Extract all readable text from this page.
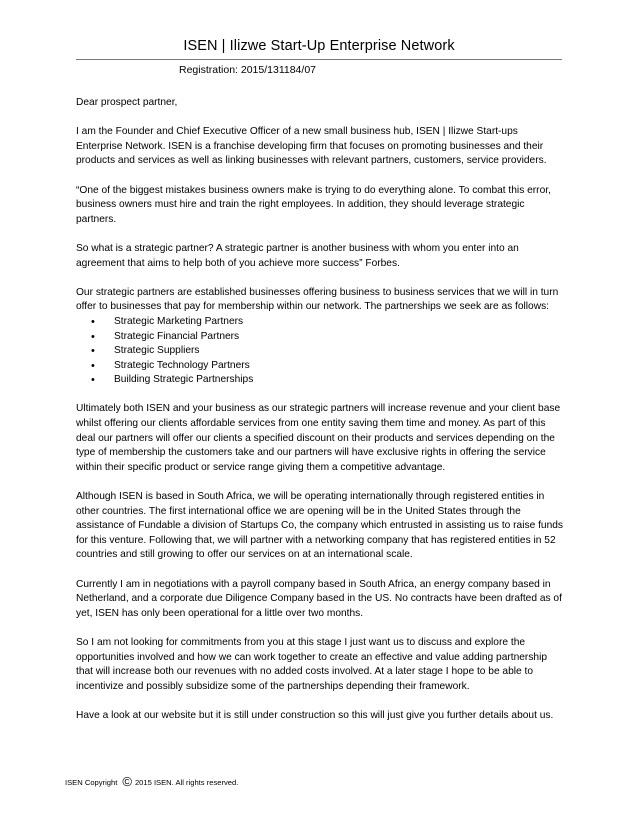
ISEN | Ilizwe Start-Up Enterprise Network
Registration: 2015/131184/07

Dear prospect partner,

I am the Founder and Chief Executive Officer of a new small business hub, ISEN | Ilizwe Start-ups Enterprise Network. ISEN is a franchise developing firm that focuses on promoting businesses and their products and services as well as linking businesses with relevant partners, customers, service providers.

“One of the biggest mistakes business owners make is trying to do everything alone. To combat this error, business owners must hire and train the right employees. In addition, they should leverage strategic partners.

So what is a strategic partner? A strategic partner is another business with whom you enter into an agreement that aims to help both of you achieve more success” Forbes.

Our strategic partners are established businesses offering business to business services that we will in turn offer to businesses that pay for membership within our network. The partnerships we seek are as follows:

• Strategic Marketing Partners
• Strategic Financial Partners
• Strategic Suppliers
• Strategic Technology Partners
• Building Strategic Partnerships

Ultimately both ISEN and your business as our strategic partners will increase revenue and your client base whilst offering our clients affordable services from one entity saving them time and money. As part of this deal our partners will offer our clients a specified discount on their products and services depending on the type of membership the customers take and our partners will have exclusive rights in offering the service within their specific product or service range giving them a competitive advantage.

Although ISEN is based in South Africa, we will be operating internationally through registered entities in other countries. The first international office we are opening will be in the United States through the assistance of Fundable a division of Startups Co, the company which entrusted in assisting us to raise funds for this venture. Following that, we will partner with a networking company that has registered entities in 52 countries and still growing to offer our services on at an international scale.

Currently I am in negotiations with a payroll company based in South Africa, an energy company based in Netherland, and a corporate due Diligence Company based in the US. No contracts have been drafted as of yet, ISEN has only been operational for a little over two months.

So I am not looking for commitments from you at this stage I just want us to discuss and explore the opportunities involved and how we can work together to create an effective and value adding partnership that will increase both our revenues with no added costs involved. At a later stage I hope to be able to incentivize and possibly subsidize some of the partnerships depending their framework.

Have a look at our website but it is still under construction so this will just give you further details about us.

ISEN Copyright © 2015 ISEN. All rights reserved.
